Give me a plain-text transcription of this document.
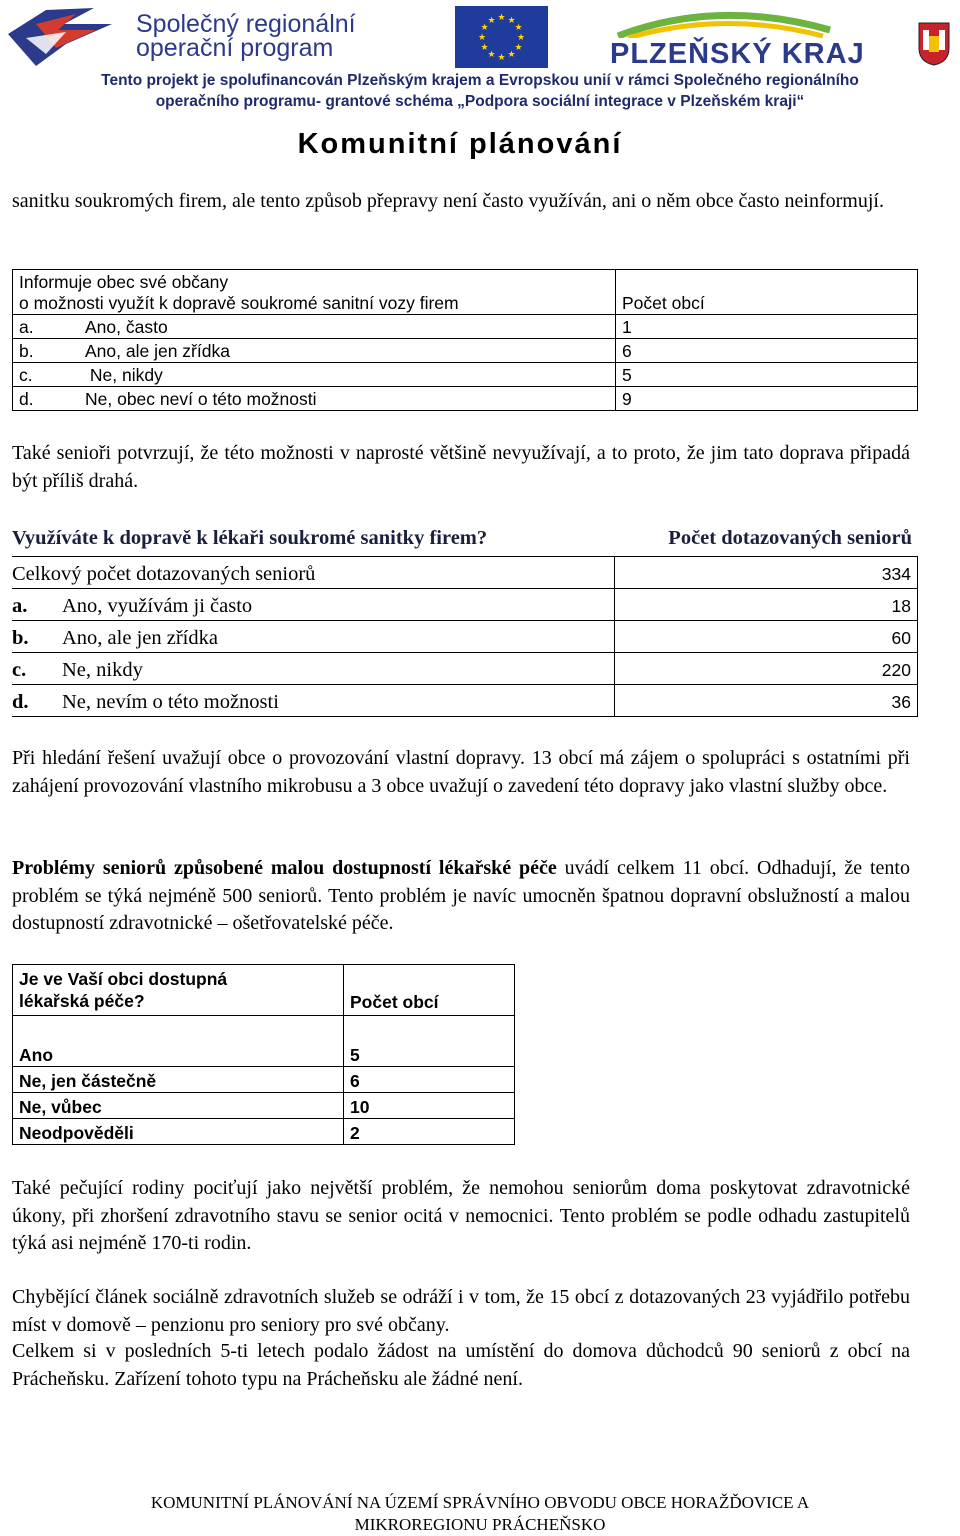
Společný regionální
operační program
★ ★
★
★
★
★
★
★
★
★
★
★
PLZEŇSKÝ KRAJ
Tento projekt je spolufinancován Plzeňským krajem a Evropskou unií v rámci Společného regionálního
operačního programu- grantové schéma „Podpora sociální integrace v Plzeňském kraji“
Komunitní plánování
sanitku soukromých firem, ale tento způsob přepravy není často využíván, ani o něm obce často neinformují.
Informuje obec své občany
o možnosti využít k dopravě soukromé sanitní vozy firem	Počet obcí
a. Ano, často	1
b. Ano, ale jen zřídka	6
c. Ne, nikdy	5
d. Ne, obec neví o této možnosti	9
Také senioři potvrzují, že této možnosti v naprosté většině nevyužívají, a to proto, že jim tato doprava připadá být příliš drahá.
Využíváte k dopravě k lékaři soukromé sanitky firem?	Počet dotazovaných seniorů
Celkový počet dotazovaných seniorů	334
a. Ano, využívám ji často	18
b. Ano, ale jen zřídka	60
c. Ne, nikdy	220
d. Ne, nevím o této možnosti	36
Při hledání řešení uvažují obce o provozování vlastní dopravy. 13 obcí má zájem o spolupráci s ostatními při zahájení provozování vlastního mikrobusu a 3 obce uvažují o zavedení této dopravy jako vlastní služby obce.
Problémy seniorů způsobené malou dostupností lékařské péče uvádí celkem 11 obcí. Odhadují, že tento problém se týká nejméně 500 seniorů. Tento problém je navíc umocněn špatnou dopravní obslužností a malou dostupností zdravotnické – ošetřovatelské péče.
Je ve Vaší obci dostupná
lékařská péče?	Počet obcí

Ano	5
Ne, jen částečně	6
Ne, vůbec	10
Neodpověděli	2
Také pečující rodiny pociťují jako největší problém, že nemohou seniorům doma poskytovat zdravotnické úkony, při zhoršení zdravotního stavu se senior ocitá v nemocnici. Tento problém se podle odhadu zastupitelů týká asi nejméně 170-ti rodin.
Chybějící článek sociálně zdravotních služeb se odráží i v tom, že 15 obcí z dotazovaných 23 vyjádřilo potřebu míst v domově – penzionu pro seniory pro své občany.
Celkem si v posledních 5-ti letech podalo žádost na umístění do domova důchodců 90 seniorů z obcí na Prácheňsku. Zařízení tohoto typu na Prácheňsku ale žádné není.
KOMUNITNÍ PLÁNOVÁNÍ NA ÚZEMÍ SPRÁVNÍHO OBVODU OBCE HORAŽĎOVICE A
MIKROREGIONU PRÁCHEŇSKO
